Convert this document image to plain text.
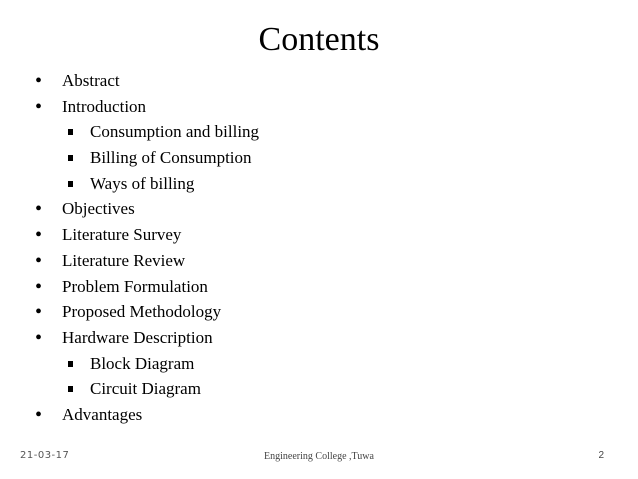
Contents
• Abstract
• Introduction
Consumption and billing
Billing of Consumption
Ways of billing
• Objectives
• Literature Survey
• Literature Review
• Problem Formulation
• Proposed Methodology
• Hardware Description
Block Diagram
Circuit Diagram
• Advantages
21-03-17	Engineering College ,Tuwa	2
